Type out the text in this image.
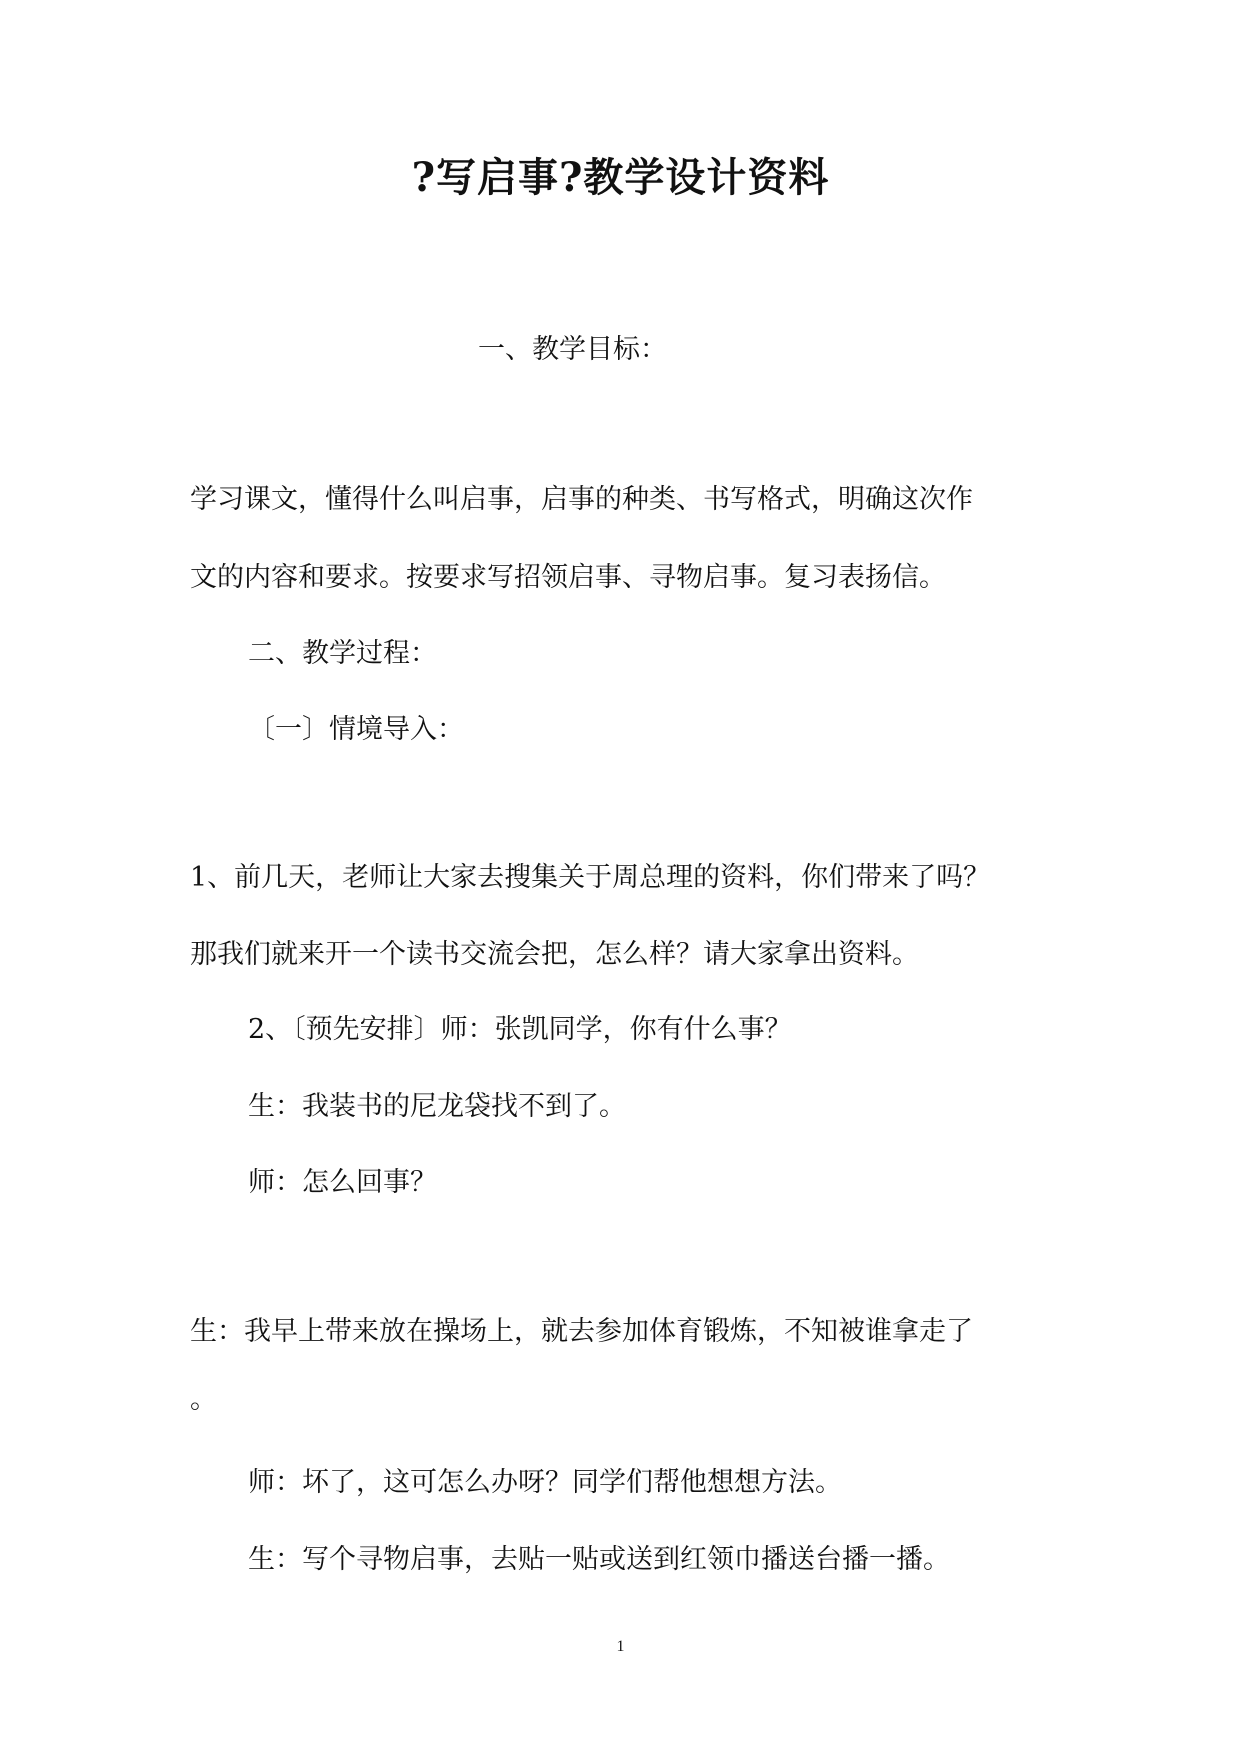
?写启事?教学设计资料
一、教学目标：
学习课文，懂得什么叫启事，启事的种类、书写格式，明确这次作
文的内容和要求。按要求写招领启事、寻物启事。复习表扬信。
二、教学过程：
〔一〕情境导入：
1、前几天，老师让大家去搜集关于周总理的资料，你们带来了吗？
那我们就来开一个读书交流会把，怎么样？请大家拿出资料。
2、〔预先安排〕师：张凯同学，你有什么事？
生：我装书的尼龙袋找不到了。
师：怎么回事？
生：我早上带来放在操场上，就去参加体育锻炼，不知被谁拿走了
。
师：坏了，这可怎么办呀？同学们帮他想想方法。
生：写个寻物启事，去贴一贴或送到红领巾播送台播一播。
1
